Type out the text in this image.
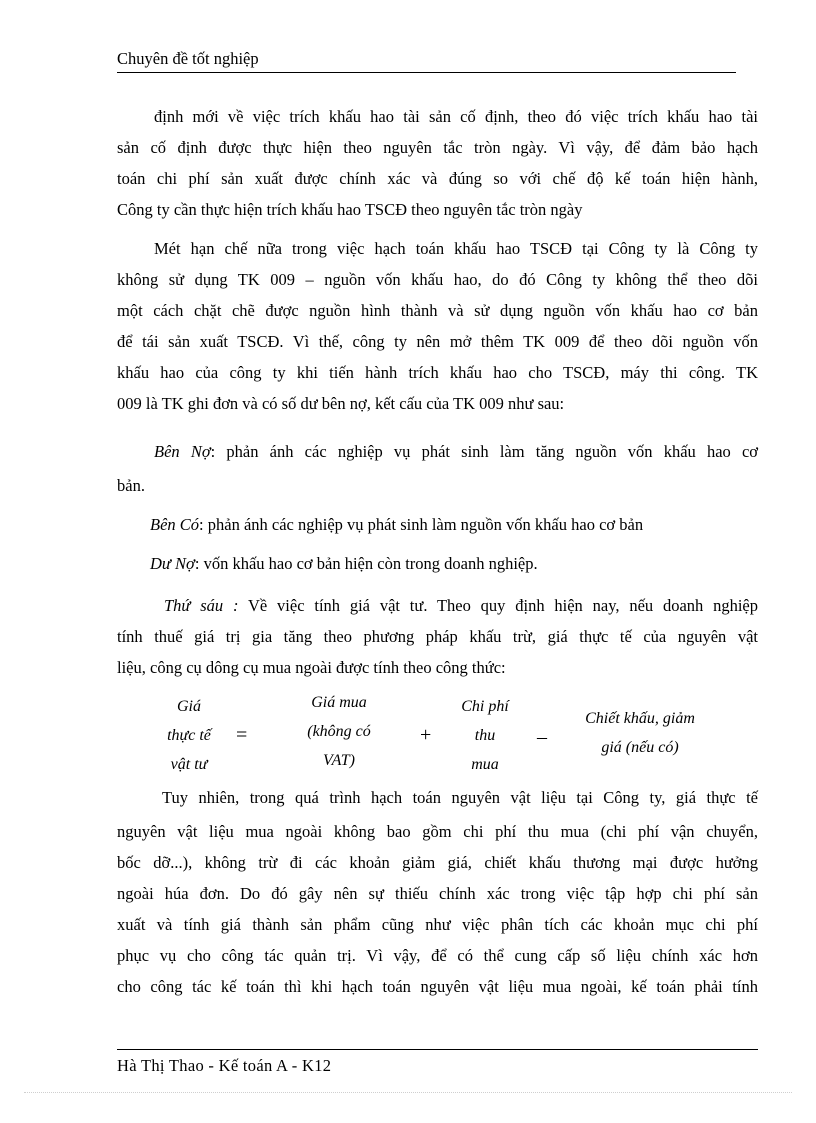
Chuyên đề tốt nghiệp
định mới về việc trích khấu hao tài sản cố định, theo đó việc trích khấu hao tài
sản cố định được thực hiện theo nguyên tắc tròn ngày. Vì vậy, để đảm bảo hạch
toán chi phí sản xuất được chính xác và đúng so với chế độ kế toán hiện hành,
Công ty cần thực hiện trích khấu hao TSCĐ theo nguyên tắc tròn ngày
Mét hạn chế nữa trong việc hạch toán khấu hao TSCĐ tại Công ty là Công ty
không sử dụng TK 009 – nguồn vốn khấu hao, do đó Công ty không thể theo dõi
một cách chặt chẽ được nguồn hình thành và sử dụng nguồn vốn khấu hao cơ bản
để tái sản xuất TSCĐ. Vì thế, công ty nên mở thêm TK 009 để theo dõi nguồn vốn
khấu hao của công ty khi tiến hành trích khấu hao cho TSCĐ, máy thi công. TK
009 là TK ghi đơn và có số dư bên nợ, kết cấu của TK 009 như sau:
Bên Nợ: phản ánh các nghiệp vụ phát sinh làm tăng nguồn vốn khấu hao cơ
bản.
Bên Có: phản ánh các nghiệp vụ phát sinh làm nguồn vốn khấu hao cơ bản
Dư Nợ: vốn khấu hao cơ bản hiện còn trong doanh nghiệp.
Thứ sáu : Về việc tính giá vật tư. Theo quy định hiện nay, nếu doanh nghiệp
tính thuế giá trị gia tăng theo phương pháp khấu trừ, giá thực tế của nguyên vật
liệu, công cụ dông cụ mua ngoài được tính theo công thức:
Giá
thực tế
vật tư
=
Giá mua
(không có
VAT)
+
Chi phí
thu
mua
–
Chiết khấu, giảm
giá (nếu có)
Tuy nhiên, trong quá trình hạch toán nguyên vật liệu tại Công ty, giá thực tế
nguyên vật liệu mua ngoài không bao gồm chi phí thu mua (chi phí vận chuyển,
bốc dỡ...), không trừ đi các khoản giảm giá, chiết khấu thương mại được hưởng
ngoài húa đơn. Do đó gây nên sự thiếu chính xác trong việc tập hợp chi phí sản
xuất và tính giá thành sản phẩm cũng như việc phân tích các khoản mục chi phí
phục vụ cho công tác quản trị. Vì vậy, để có thể cung cấp số liệu chính xác hơn
cho công tác kế toán thì khi hạch toán nguyên vật liệu mua ngoài, kế toán phải tính
Hà Thị Thao - Kế toán A - K12
